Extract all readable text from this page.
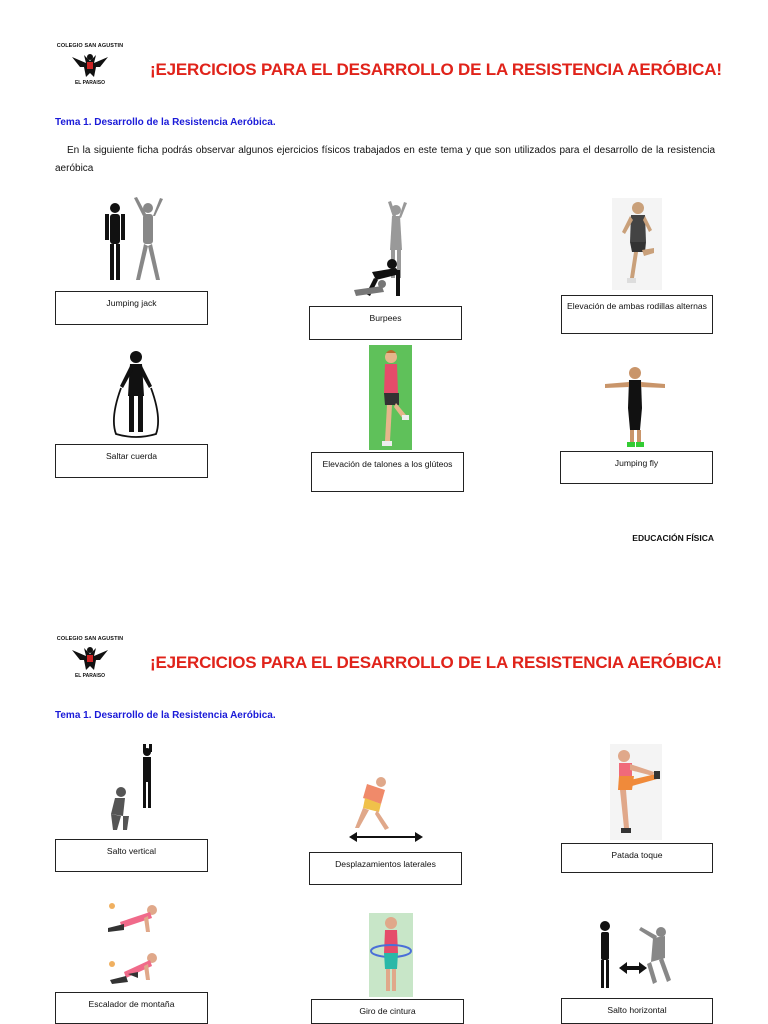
COLEGIO SAN AGUSTIN
EL PARAISO
¡EJERCICIOS PARA EL DESARROLLO DE LA RESISTENCIA AERÓBICA!
Tema 1. Desarrollo de la Resistencia Aeróbica.
En la siguiente ficha podrás observar algunos ejercicios físicos trabajados en este tema y que son utilizados para el desarrollo de la resistencia aeróbica
Jumping jack
Burpees
Elevación de ambas rodillas alternas
Saltar cuerda
Elevación de talones a los glúteos	Jumping fly
EDUCACIÓN FÍSICA
COLEGIO SAN AGUSTIN
EL PARAISO
¡EJERCICIOS PARA EL DESARROLLO DE LA RESISTENCIA AERÓBICA!
Tema 1. Desarrollo de la Resistencia Aeróbica.
Salto vertical
Desplazamientos laterales
Patada toque
Escalador de montaña
Giro de cintura	Salto horizontal
